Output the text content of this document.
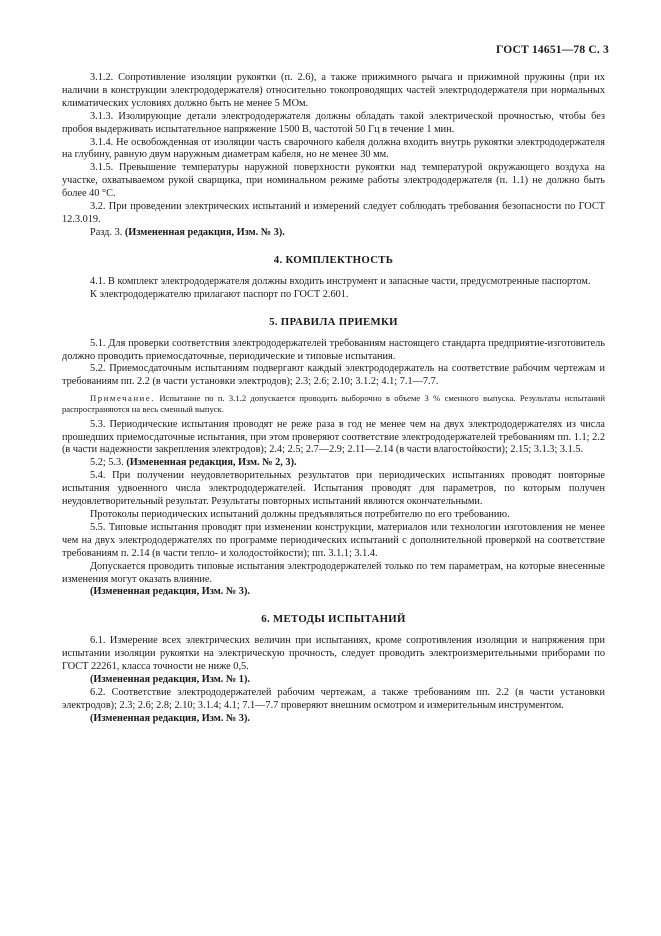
ГОСТ 14651—78 С. 3

3.1.2. Сопротивление изоляции рукоятки (п. 2.6), а также прижимного рычага и прижимной пружины (при их наличии в конструкции электрододержателя) относительно токопроводящих частей электрододержателя при нормальных климатических условиях должно быть не менее 5 МОм.

3.1.3. Изолирующие детали электрододержателя должны обладать такой электрической прочностью, чтобы без пробоя выдерживать испытательное напряжение 1500 В, частотой 50 Гц в течение 1 мин.

3.1.4. Не освобожденная от изоляции часть сварочного кабеля должна входить внутрь рукоятки электрододержателя на глубину, равную двум наружным диаметрам кабеля, но не менее 30 мм.

3.1.5. Превышение температуры наружной поверхности рукоятки над температурой окружающего воздуха на участке, охватываемом рукой сварщика, при номинальном режиме работы электрододержателя (п. 1.1) не должно быть более 40 °С.

3.2. При проведении электрических испытаний и измерений следует соблюдать требования безопасности по ГОСТ 12.3.019.

Разд. 3. (Измененная редакция, Изм. № 3).

4. КОМПЛЕКТНОСТЬ

4.1. В комплект электрододержателя должны входить инструмент и запасные части, предусмотренные паспортом.

К электрододержателю прилагают паспорт по ГОСТ 2.601.

5. ПРАВИЛА ПРИЕМКИ

5.1. Для проверки соответствия электрододержателей требованиям настоящего стандарта предприятие-изготовитель должно проводить приемосдаточные, периодические и типовые испытания.

5.2. Приемосдаточным испытаниям подвергают каждый электрододержатель на соответствие рабочим чертежам и требованиям пп. 2.2 (в части установки электродов); 2.3; 2.6; 2.10; 3.1.2; 4.1; 7.1—7.7.

Примечание. Испытание по п. 3.1.2 допускается проводить выборочно в объеме 3 % сменного выпуска. Результаты испытаний распространяются на весь сменный выпуск.

5.3. Периодические испытания проводят не реже раза в год не менее чем на двух электрододержателях из числа прошедших приемосдаточные испытания, при этом проверяют соответствие электрододержателей требованиям пп. 1.1; 2.2 (в части надежности закрепления электродов); 2.4; 2.5; 2.7—2.9; 2.11—2.14 (в части влагостойкости); 2.15; 3.1.3; 3.1.5.

5.2; 5.3. (Измененная редакция, Изм. № 2, 3).

5.4. При получении неудовлетворительных результатов при периодических испытаниях проводят повторные испытания удвоенного числа электрододержателей. Испытания проводят для параметров, по которым получен неудовлетворительный результат. Результаты повторных испытаний являются окончательными.

Протоколы периодических испытаний должны предъявляться потребителю по его требованию.

5.5. Типовые испытания проводят при изменении конструкции, материалов или технологии изготовления не менее чем на двух электрододержателях по программе периодических испытаний с дополнительной проверкой на соответствие требованиям п. 2.14 (в части тепло- и холодостойкости); пп. 3.1.1; 3.1.4.

Допускается проводить типовые испытания электрододержателей только по тем параметрам, на которые внесенные изменения могут оказать влияние.

(Измененная редакция, Изм. № 3).

6. МЕТОДЫ ИСПЫТАНИЙ

6.1. Измерение всех электрических величин при испытаниях, кроме сопротивления изоляции и напряжения при испытании изоляции рукоятки на электрическую прочность, следует проводить электроизмерительными приборами по ГОСТ 22261, класса точности не ниже 0,5.

(Измененная редакция, Изм. № 1).

6.2. Соответствие электрододержателей рабочим чертежам, а также требованиям пп. 2.2 (в части установки электродов); 2.3; 2.6; 2.8; 2.10; 3.1.4; 4.1; 7.1—7.7 проверяют внешним осмотром и измерительным инструментом.

(Измененная редакция, Изм. № 3).
